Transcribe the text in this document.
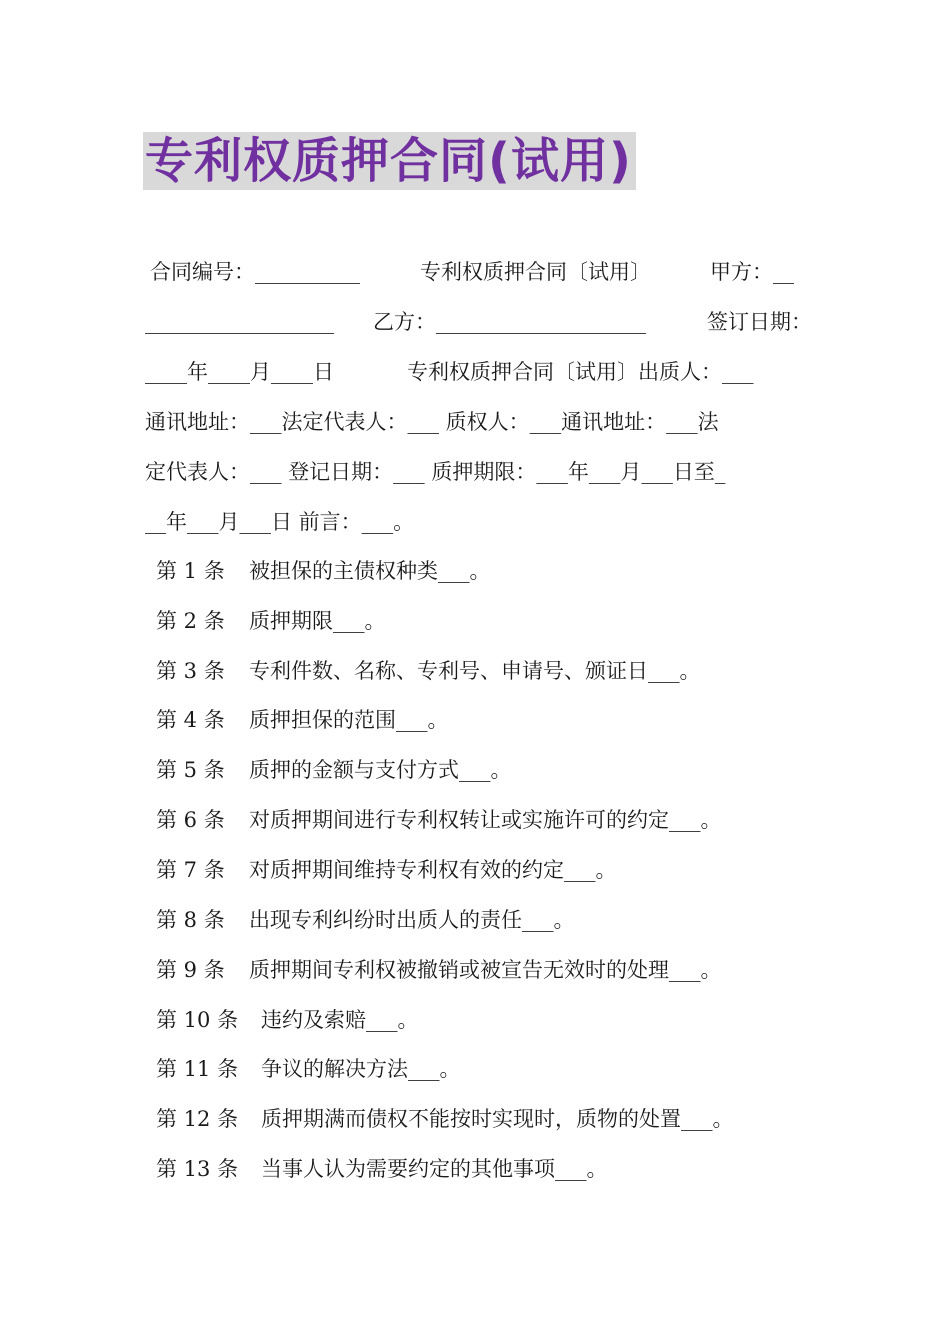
专利权质押合同(试用)
合同编号：__________	专利权质押合同〔试用〕	甲方：__
__________________ 乙方：____________________	签订日期：
____年____月____日	专利权质押合同〔试用〕出质人：___
通讯地址：___法定代表人：___ 质权人：___通讯地址：___法
定代表人：___ 登记日期：___ 质押期限：___年___月___日至_
__年___月___日 前言：___。
第 1 条 被担保的主债权种类___。
第 2 条 质押期限___。
第 3 条 专利件数、名称、专利号、申请号、颁证日___。
第 4 条 质押担保的范围___。
第 5 条 质押的金额与支付方式___。
第 6 条 对质押期间进行专利权转让或实施许可的约定___。
第 7 条 对质押期间维持专利权有效的约定___。
第 8 条 出现专利纠纷时出质人的责任___。
第 9 条 质押期间专利权被撤销或被宣告无效时的处理___。
第 10 条 违约及索赔___。
第 11 条 争议的解决方法___。
第 12 条 质押期满而债权不能按时实现时，质物的处置___。
第 13 条 当事人认为需要约定的其他事项___。
